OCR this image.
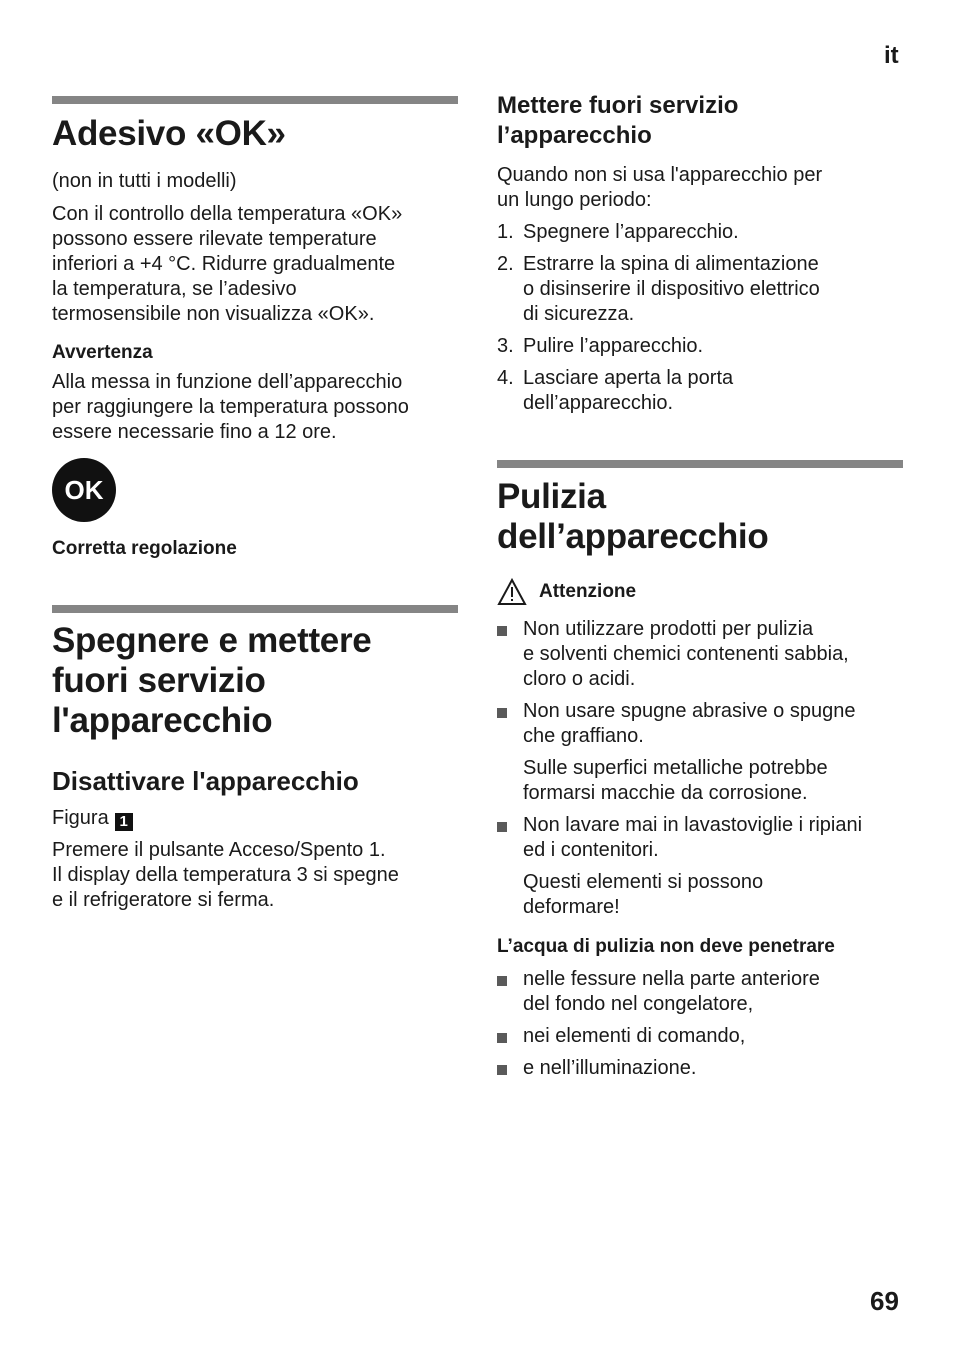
it
69
Adesivo «OK»

(non in tutti i modelli)

Con il controllo della temperatura «OK»

possono essere rilevate temperature

inferiori a +4 °C. Ridurre gradualmente

la temperatura, se l’adesivo

termosensibile non visualizza «OK».

Avvertenza

Alla messa in funzione dell’apparecchio

per raggiungere la temperatura possono

essere necessarie fino a 12 ore.

OK
Corretta regolazione
Spegnere e mettere
fuori servizio
l'apparecchio
Disattivare l'apparecchio

Figura 1

Premere il pulsante Acceso/Spento 1.

Il display della temperatura 3 si spegne

e il refrigeratore si ferma.

Mettere fuori servizio
l’apparecchio

Quando non si usa l'apparecchio per

un lungo periodo:

1. Spegnere l’apparecchio.
2. Estrarre la spina di alimentazione
o disinserire il dispositivo elettrico
di sicurezza.
3. Pulire l’apparecchio.
4. Lasciare aperta la porta
dell’apparecchio.
Pulizia
dell’apparecchio
Attenzione
Non utilizzare prodotti per pulizia
e solventi chemici contenenti sabbia,
cloro o acidi.
Non usare spugne abrasive o spugne
che graffiano.

Sulle superfici metalliche potrebbe

formarsi macchie da corrosione.

Non lavare mai in lavastoviglie i ripiani
ed i contenitori.

Questi elementi si possono

deformare!

L’acqua di pulizia non deve penetrare
nelle fessure nella parte anteriore
del fondo nel congelatore,
nei elementi di comando,
e nell’illuminazione.
